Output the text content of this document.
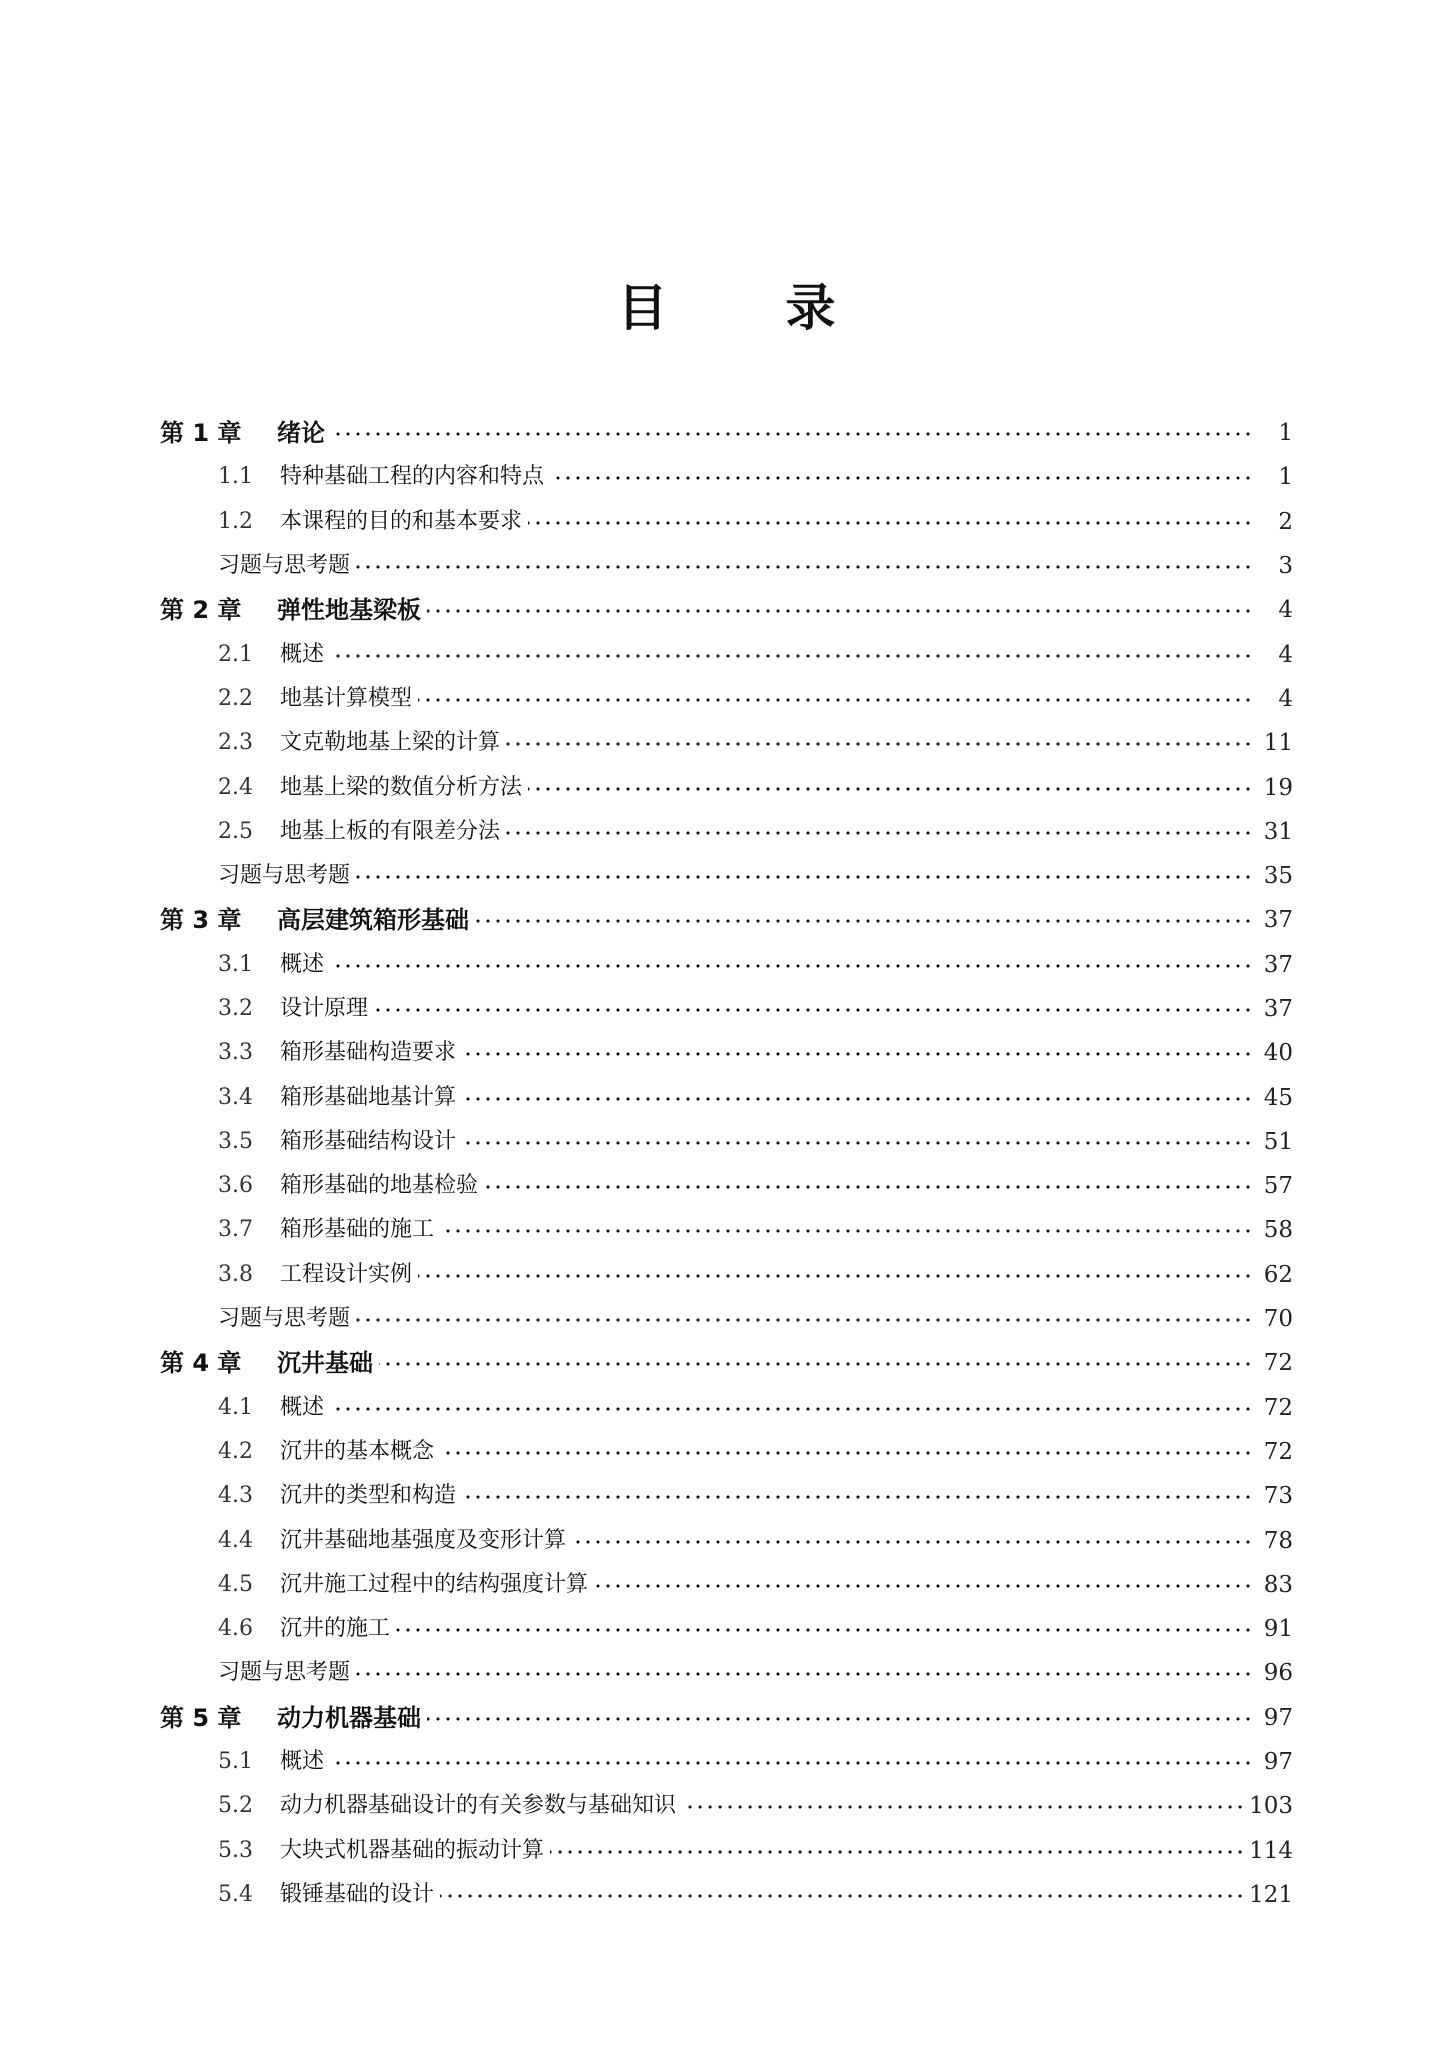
目 录
第 1 章	绪论	1
1.1	特种基础工程的内容和特点	1
1.2	本课程的目的和基本要求	2
习题与思考题	3
第 2 章	弹性地基梁板	4
2.1	概述	4
2.2	地基计算模型	4
2.3	文克勒地基上梁的计算	11
2.4	地基上梁的数值分析方法	19
2.5	地基上板的有限差分法	31
习题与思考题	35
第 3 章	高层建筑箱形基础	37
3.1	概述	37
3.2	设计原理	37
3.3	箱形基础构造要求	40
3.4	箱形基础地基计算	45
3.5	箱形基础结构设计	51
3.6	箱形基础的地基检验	57
3.7	箱形基础的施工	58
3.8	工程设计实例	62
习题与思考题	70
第 4 章	沉井基础	72
4.1	概述	72
4.2	沉井的基本概念	72
4.3	沉井的类型和构造	73
4.4	沉井基础地基强度及变形计算	78
4.5	沉井施工过程中的结构强度计算	83
4.6	沉井的施工	91
习题与思考题	96
第 5 章	动力机器基础	97
5.1	概述	97
5.2	动力机器基础设计的有关参数与基础知识	103
5.3	大块式机器基础的振动计算	114
5.4	锻锤基础的设计	121
